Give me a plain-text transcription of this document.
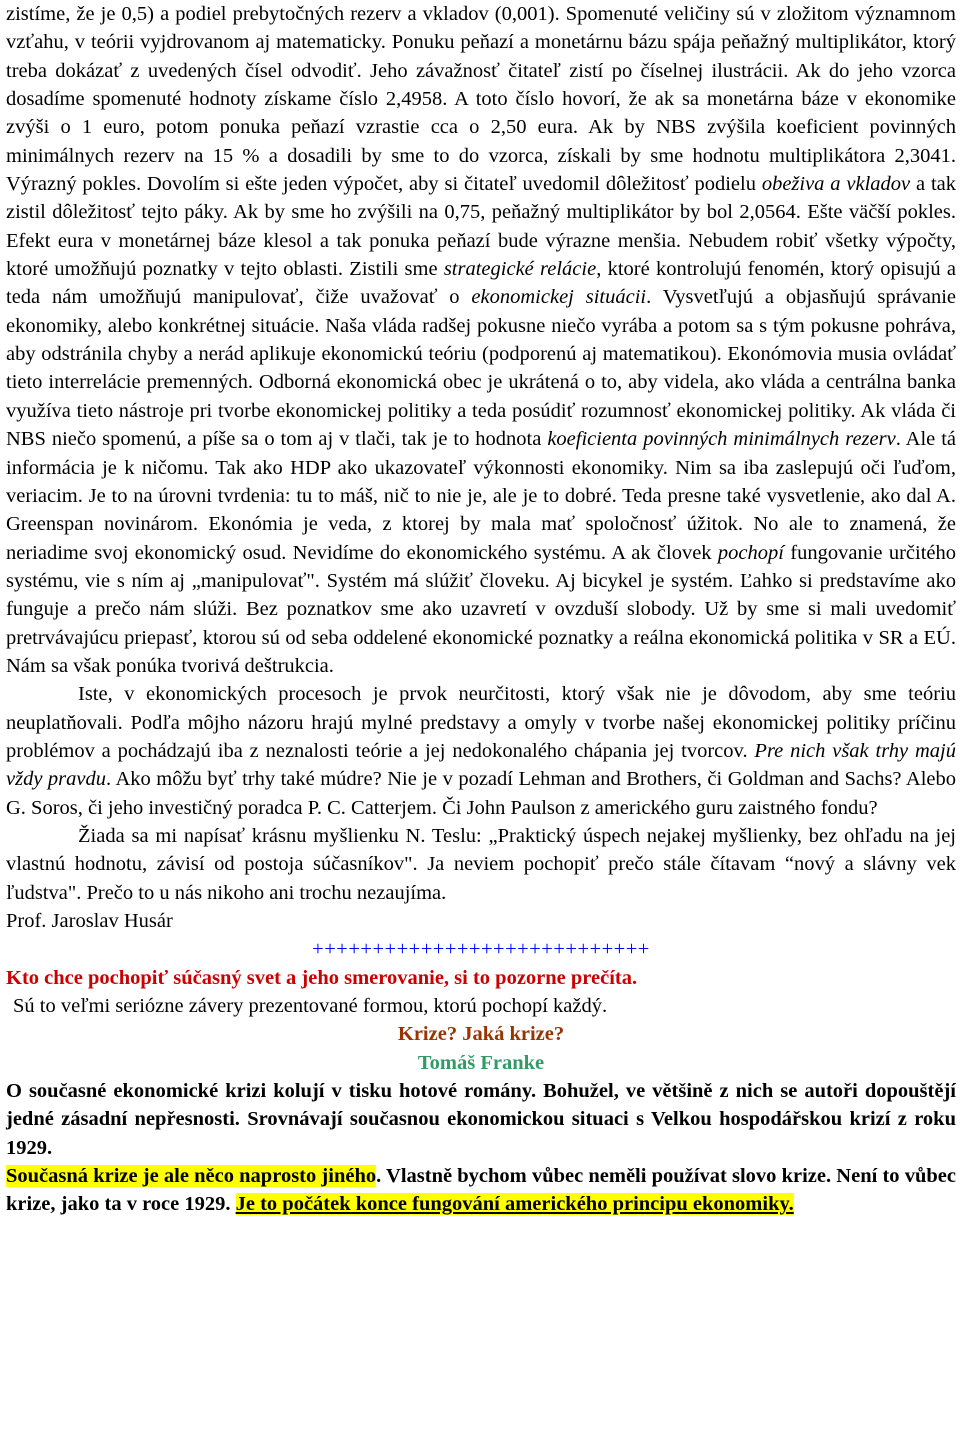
zistíme, že je 0,5) a podiel prebytočných rezerv a vkladov (0,001). Spomenuté veličiny sú v zložitom významnom vzťahu, v teórii vyjdrovanom aj matematicky. Ponuku peňazí a monetárnu bázu spája peňažný multiplikátor, ktorý treba dokázať z uvedených čísel odvodiť. Jeho závažnosť čitateľ zistí po číselnej ilustrácii. Ak do jeho vzorca dosadíme spomenuté hodnoty získame číslo 2,4958. A toto číslo hovorí, že ak sa monetárna báze v ekonomike zvýši o 1 euro, potom ponuka peňazí vzrastie cca o 2,50 eura. Ak by NBS zvýšila koeficient povinných minimálnych rezerv na 15 % a dosadili by sme to do vzorca, získali by sme hodnotu multiplikátora 2,3041. Výrazný pokles. Dovolím si ešte jeden výpočet, aby si čitateľ uvedomil dôležitosť podielu obeživa a vkladov a tak zistil dôležitosť tejto páky. Ak by sme ho zvýšili na 0,75, peňažný multiplikátor by bol 2,0564. Ešte väčší pokles. Efekt eura v monetárnej báze klesol a tak ponuka peňazí bude výrazne menšia. Nebudem robiť všetky výpočty, ktoré umožňujú poznatky v tejto oblasti. Zistili sme strategické relácie, ktoré kontrolujú fenomén, ktorý opisujú a teda nám umožňujú manipulovať, čiže uvažovať o ekonomickej situácii. Vysvetľujú a objasňujú správanie ekonomiky, alebo konkrétnej situácie. Naša vláda radšej pokusne niečo vyrába a potom sa s tým pokusne pohráva, aby odstránila chyby a nerád aplikuje ekonomickú teóriu (podporenú aj matematikou). Ekonómovia musia ovládať tieto interrelácie premenných. Odborná ekonomická obec je ukrátená o to, aby videla, ako vláda a centrálna banka využíva tieto nástroje pri tvorbe ekonomickej politiky a teda posúdiť rozumnosť ekonomickej politiky. Ak vláda či NBS niečo spomenú, a píše sa o tom aj v tlači, tak je to hodnota koeficienta povinných minimálnych rezerv. Ale tá informácia je k ničomu. Tak ako HDP ako ukazovateľ výkonnosti ekonomiky. Nim sa iba zaslepujú oči ľuďom, veriacim. Je to na úrovni tvrdenia: tu to máš, nič to nie je, ale je to dobré. Teda presne také vysvetlenie, ako dal A. Greenspan novinárom. Ekonómia je veda, z ktorej by mala mať spoločnosť úžitok. No ale to znamená, že neriadime svoj ekonomický osud. Nevidíme do ekonomického systému. A ak človek pochopí fungovanie určitého systému, vie s ním aj „manipulovať". Systém má slúžiť človeku. Aj bicykel je systém. Ľahko si predstavíme ako funguje a prečo nám slúži. Bez poznatkov sme ako uzavretí v ovzduší slobody. Už by sme si mali uvedomiť pretrvávajúcu priepasť, ktorou sú od seba oddelené ekonomické poznatky a reálna ekonomická politika v SR a EÚ. Nám sa však ponúka tvorivá deštrukcia.

Iste, v ekonomických procesoch je prvok neurčitosti, ktorý však nie je dôvodom, aby sme teóriu neuplatňovali. Podľa môjho názoru hrajú mylné predstavy a omyly v tvorbe našej ekonomickej politiky príčinu problémov a pochádzajú iba z neznalosti teórie a jej nedokonalého chápania jej tvorcov. Pre nich však trhy majú vždy pravdu. Ako môžu byť trhy také múdre? Nie je v pozadí Lehman and Brothers, či Goldman and Sachs? Alebo G. Soros, či jeho investičný poradca P. C. Catterjem. Či John Paulson z amerického guru zaistného fondu?

Žiada sa mi napísať krásnu myšlienku N. Teslu: „Praktický úspech nejakej myšlienky, bez ohľadu na jej vlastnú hodnotu, závisí od postoja súčasníkov". Ja neviem pochopiť prečo stále čítavam “nový a slávny vek ľudstva". Prečo to u nás nikoho ani trochu nezaujíma.

Prof. Jaroslav Husár

++++++++++++++++++++++++++++

Kto chce pochopiť súčasný svet a jeho smerovanie, si to pozorne prečíta.

Sú to veľmi seriózne závery prezentované formou, ktorú pochopí každý.

Krize? Jaká krize?

Tomáš Franke

O současné ekonomické krizi kolují v tisku hotové romány. Bohužel, ve většině z nich se autoři dopouštějí jedné zásadní nepřesnosti. Srovnávají současnou ekonomickou situaci s Velkou hospodářskou krizí z roku 1929.

Současná krize je ale něco naprosto jiného. Vlastně bychom vůbec neměli používat slovo krize. Není to vůbec krize, jako ta v roce 1929. Je to počátek konce fungování amerického principu ekonomiky.
